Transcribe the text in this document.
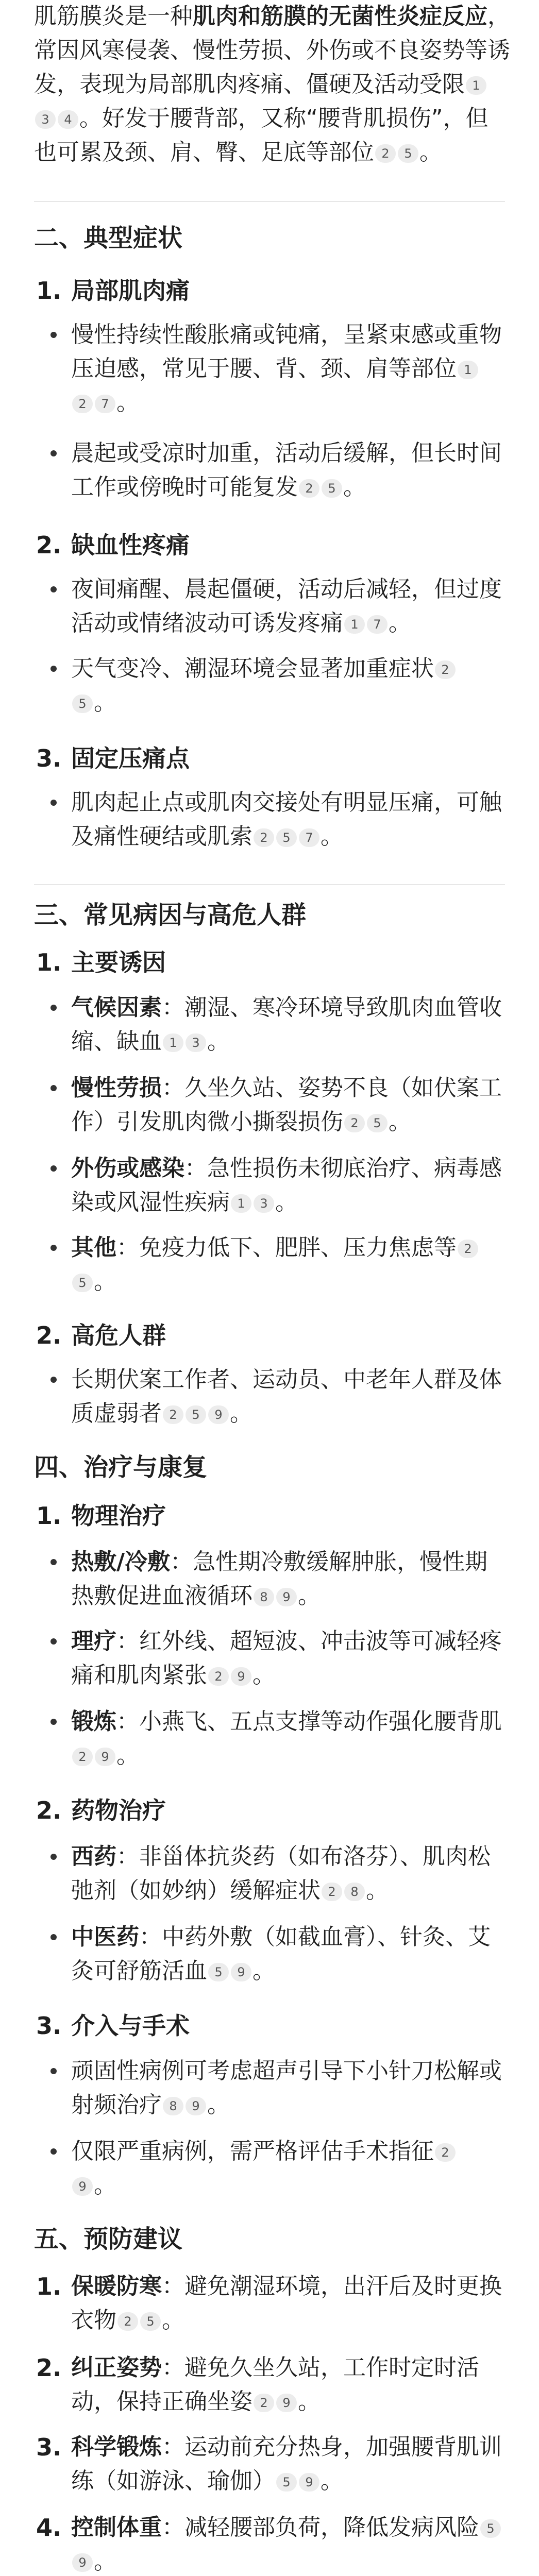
肌筋膜炎是一种肌肉和筋膜的无菌性炎症反应，
常因风寒侵袭、慢性劳损、外伤或不良姿势等诱
发，表现为局部肌肉疼痛、僵硬及活动受限 1
3 4 。好发于腰背部，又称“腰背肌损伤”，但
也可累及颈、肩、臀、足底等部位 2 5 。
二、典型症状
1. 局部肌肉痛
慢性持续性酸胀痛或钝痛，呈紧束感或重物
压迫感，常见于腰、背、颈、肩等部位 1
2 7 。
晨起或受凉时加重，活动后缓解，但长时间
工作或傍晚时可能复发 2 5 。
2. 缺血性疼痛
夜间痛醒、晨起僵硬，活动后减轻，但过度
活动或情绪波动可诱发疼痛 1 7 。
天气变冷、潮湿环境会显著加重症状 2
5 。
3. 固定压痛点
肌肉起止点或肌肉交接处有明显压痛，可触
及痛性硬结或肌索 2 5 7 。
三、常见病因与高危人群
1. 主要诱因
气候因素：潮湿、寒冷环境导致肌肉血管收
缩、缺血 1 3 。
慢性劳损：久坐久站、姿势不良（如伏案工
作）引发肌肉微小撕裂损伤 2 5 。
外伤或感染：急性损伤未彻底治疗、病毒感
染或风湿性疾病 1 3 。
其他：免疫力低下、肥胖、压力焦虑等 2
5 。
2. 高危人群
长期伏案工作者、运动员、中老年人群及体
质虚弱者 2 5 9 。
四、治疗与康复
1. 物理治疗
热敷/冷敷：急性期冷敷缓解肿胀，慢性期
热敷促进血液循环 8 9 。
理疗：红外线、超短波、冲击波等可减轻疼
痛和肌肉紧张 2 9 。
锻炼：小燕飞、五点支撑等动作强化腰背肌
2 9 。
2. 药物治疗
西药：非甾体抗炎药（如布洛芬）、肌肉松
弛剂（如妙纳）缓解症状 2 8 。
中医药：中药外敷（如截血膏）、针灸、艾
灸可舒筋活血 5 9 。
3. 介入与手术
顽固性病例可考虑超声引导下小针刀松解或
射频治疗 8 9 。
仅限严重病例，需严格评估手术指征 2
9 。
五、预防建议
1. 保暖防寒：避免潮湿环境，出汗后及时更换
衣物 2 5 。
2. 纠正姿势：避免久坐久站，工作时定时活
动，保持正确坐姿 2 9 。
3. 科学锻炼：运动前充分热身，加强腰背肌训
练（如游泳、瑜伽） 5 9 。
4. 控制体重：减轻腰部负荷，降低发病风险 5
9 。
